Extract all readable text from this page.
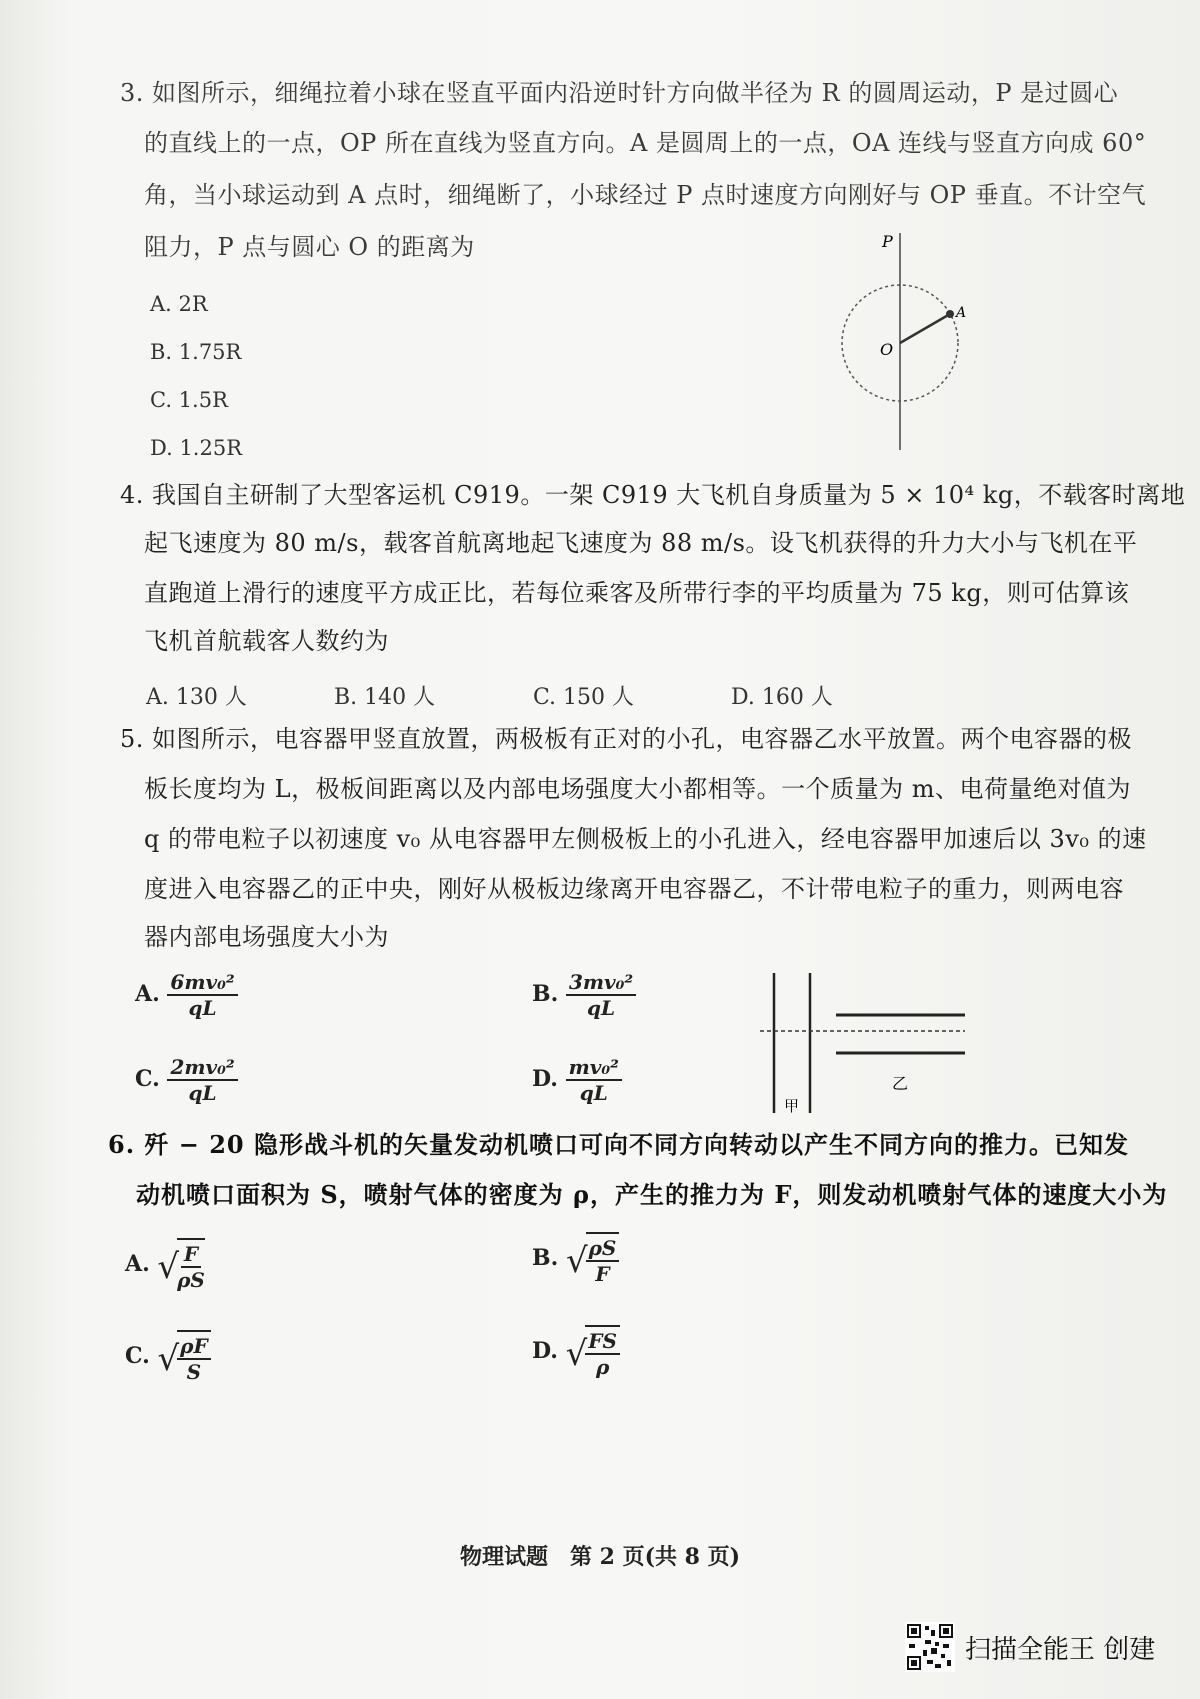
3. 如图所示，细绳拉着小球在竖直平面内沿逆时针方向做半径为 R 的圆周运动，P 是过圆心
的直线上的一点，OP 所在直线为竖直方向。A 是圆周上的一点，OA 连线与竖直方向成 60°
角，当小球运动到 A 点时，细绳断了，小球经过 P 点时速度方向刚好与 OP 垂直。不计空气
阻力，P 点与圆心 O 的距离为
A. 2R
B. 1.75R
C. 1.5R
D. 1.25R
P
A
O
4. 我国自主研制了大型客运机 C919。一架 C919 大飞机自身质量为 5 × 10⁴ kg，不载客时离地
起飞速度为 80 m/s，载客首航离地起飞速度为 88 m/s。设飞机获得的升力大小与飞机在平
直跑道上滑行的速度平方成正比，若每位乘客及所带行李的平均质量为 75 kg，则可估算该
飞机首航载客人数约为
A. 130 人	B. 140 人	C. 150 人	D. 160 人
5. 如图所示，电容器甲竖直放置，两极板有正对的小孔，电容器乙水平放置。两个电容器的极
板长度均为 L，极板间距离以及内部电场强度大小都相等。一个质量为 m、电荷量绝对值为
q 的带电粒子以初速度 v₀ 从电容器甲左侧极板上的小孔进入，经电容器甲加速后以 3v₀ 的速
度进入电容器乙的正中央，刚好从极板边缘离开电容器乙，不计带电粒子的重力，则两电容
器内部电场强度大小为
A. $\frac{\text{6mv₀²}}{qL}$	B. $\frac{\text{3mv₀²}}{qL}$
C. $\frac{\text{2mv₀²}}{qL}$	D. $\frac{\text{mv₀²}}{qL}$
甲
乙
6. 歼 − 20 隐形战斗机的矢量发动机喷口可向不同方向转动以产生不同方向的推力。已知发
动机喷口面积为 S，喷射气体的密度为 ρ，产生的推力为 F，则发动机喷射气体的速度大小为
A. √
$\frac{F}{\rho S}$	B. √
$\frac{\rho S}{F}$
C. √
$\frac{\rho F}{S}$	D. √
$\frac{FS}{\rho}$
物理试题　第 2 页(共 8 页)
扫描全能王 创建
